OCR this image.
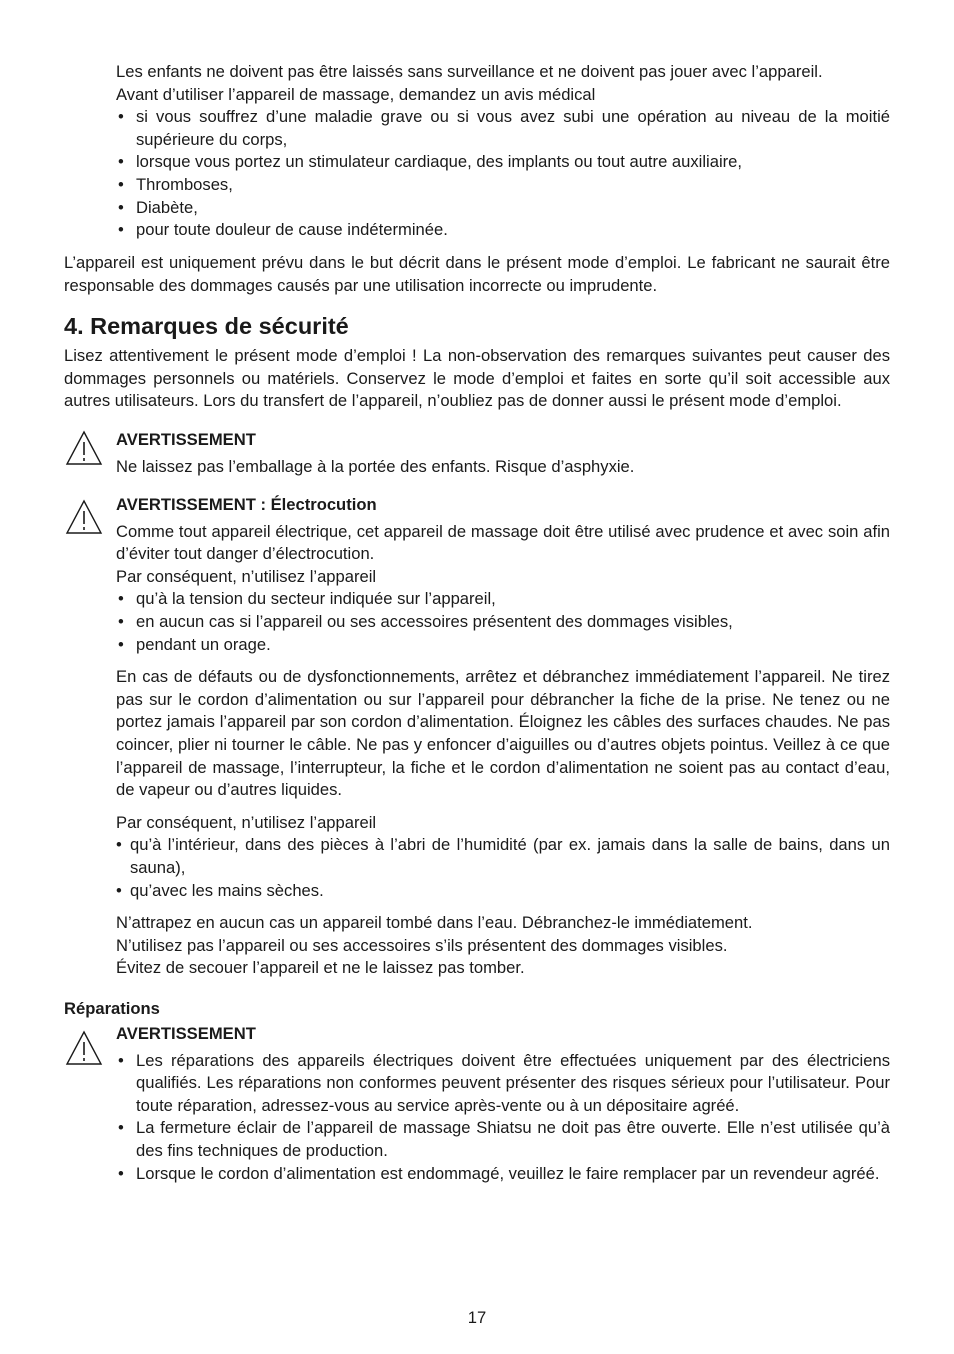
Les enfants ne doivent pas être laissés sans surveillance et ne doivent pas jouer avec l’appareil.

Avant d’utiliser l’appareil de massage, demandez un avis médical

• si vous souffrez d’une maladie grave ou si vous avez subi une opération au niveau de la moitié supérieure du corps,
• lorsque vous portez un stimulateur cardiaque, des implants ou tout autre auxiliaire,
• Thromboses,
• Diabète,
• pour toute douleur de cause indéterminée.

L’appareil est uniquement prévu dans le but décrit dans le présent mode d’emploi. Le fabricant ne saurait être responsable des dommages causés par une utilisation incorrecte ou imprudente.

4. Remarques de sécurité

Lisez attentivement le présent mode d’emploi ! La non-observation des remarques suivantes peut causer des dommages personnels ou matériels. Conservez le mode d’emploi et faites en sorte qu’il soit accessible aux autres utilisateurs. Lors du transfert de l’appareil, n’oubliez pas de donner aussi le présent mode d’emploi.

AVERTISSEMENT

Ne laissez pas l’emballage à la portée des enfants. Risque d’asphyxie.

AVERTISSEMENT : Électrocution

Comme tout appareil électrique, cet appareil de massage doit être utilisé avec prudence et avec soin afin d’éviter tout danger d’électrocution.

Par conséquent, n’utilisez l’appareil

• qu’à la tension du secteur indiquée sur l’appareil,
• en aucun cas si l’appareil ou ses accessoires présentent des dommages visibles,
• pendant un orage.

En cas de défauts ou de dysfonctionnements, arrêtez et débranchez immédiatement l’appareil. Ne tirez pas sur le cordon d’alimentation ou sur l’appareil pour débrancher la fiche de la prise. Ne tenez ou ne portez jamais l’appareil par son cordon d’alimentation. Éloignez les câbles des surfaces chaudes. Ne pas coincer, plier ni tourner le câble. Ne pas y enfoncer d’aiguilles ou d’autres objets pointus. Veillez à ce que l’appareil de massage, l’interrupteur, la fiche et le cordon d’alimentation ne soient pas au contact d’eau, de vapeur ou d’autres liquides.

Par conséquent, n’utilisez l’appareil

• qu’à l’intérieur, dans des pièces à l’abri de l’humidité (par ex. jamais dans la salle de bains, dans un sauna),
• qu’avec les mains sèches.

N’attrapez en aucun cas un appareil tombé dans l’eau. Débranchez-le immédiatement.

N’utilisez pas l’appareil ou ses accessoires s’ils présentent des dommages visibles.

Évitez de secouer l’appareil et ne le laissez pas tomber.

Réparations

AVERTISSEMENT

• Les réparations des appareils électriques doivent être effectuées uniquement par des électriciens qualifiés. Les réparations non conformes peuvent présenter des risques sérieux pour l’utilisateur. Pour toute réparation, adressez-vous au service après-vente ou à un dépositaire agréé.
• La fermeture éclair de l’appareil de massage Shiatsu ne doit pas être ouverte. Elle n’est utilisée qu’à des fins techniques de production.
• Lorsque le cordon d’alimentation est endommagé, veuillez le faire remplacer par un revendeur agréé.
17
